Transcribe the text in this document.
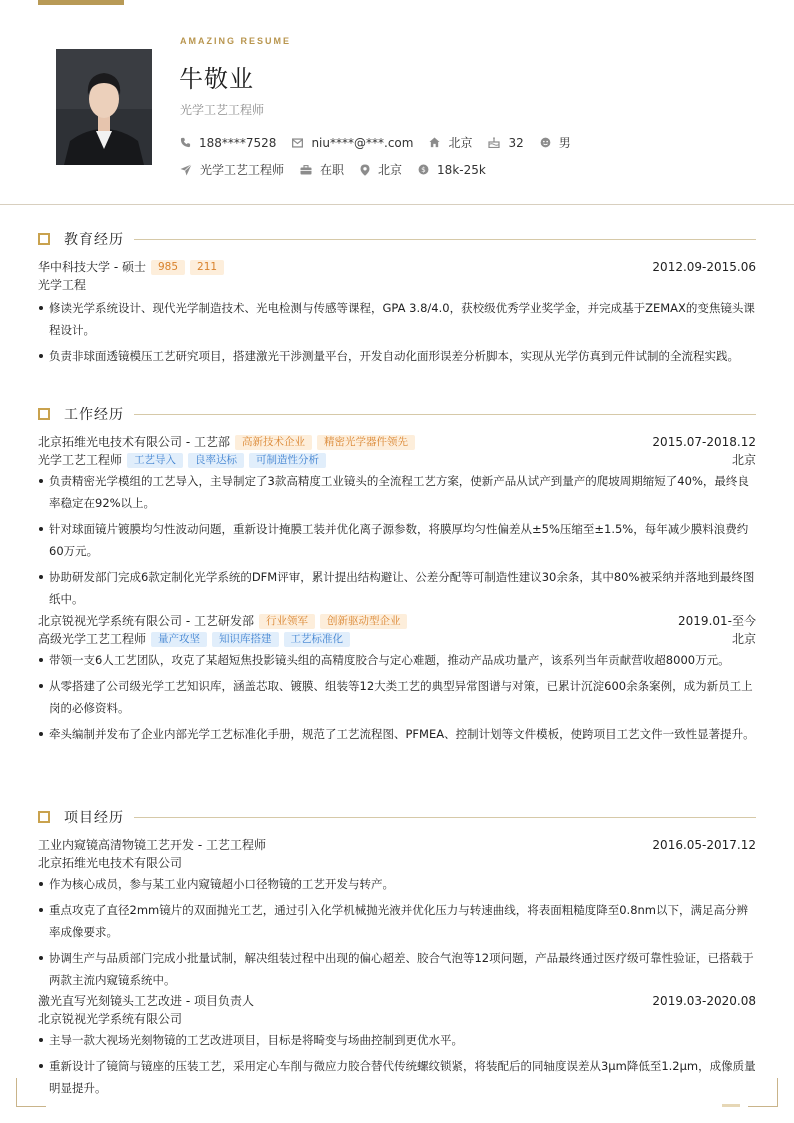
AMAZING RESUME
牛敬业
光学工艺工程师
188****7528	niu****@***.com	北京	32	男
光学工艺工程师	在职	北京 $ 18k-25k
教育经历
华中科技大学 - 硕士	985	211	2012.09-2015.06
光学工程
修读光学系统设计、现代光学制造技术、光电检测与传感等课程，GPA 3.8/4.0，获校级优秀学业奖学金，并完成基于ZEMAX的变焦镜头课程设计。
负责非球面透镜模压工艺研究项目，搭建激光干涉测量平台，开发自动化面形误差分析脚本，实现从光学仿真到元件试制的全流程实践。
工作经历
北京拓维光电技术有限公司 - 工艺部	高新技术企业	精密光学器件领先	2015.07-2018.12
光学工艺工程师	工艺导入	良率达标	可制造性分析	北京
负责精密光学模组的工艺导入，主导制定了3款高精度工业镜头的全流程工艺方案，使新产品从试产到量产的爬坡周期缩短了40%，最终良率稳定在92%以上。
针对球面镜片镀膜均匀性波动问题，重新设计掩膜工装并优化离子源参数，将膜厚均匀性偏差从±5%压缩至±1.5%，每年减少膜料浪费约60万元。
协助研发部门完成6款定制化光学系统的DFM评审，累计提出结构避让、公差分配等可制造性建议30余条，其中80%被采纳并落地到最终图纸中。
北京锐视光学系统有限公司 - 工艺研发部	行业领军	创新驱动型企业	2019.01-至今
高级光学工艺工程师	量产攻坚	知识库搭建	工艺标准化	北京
带领一支6人工艺团队，攻克了某超短焦投影镜头组的高精度胶合与定心难题，推动产品成功量产，该系列当年贡献营收超8000万元。
从零搭建了公司级光学工艺知识库，涵盖芯取、镀膜、组装等12大类工艺的典型异常图谱与对策，已累计沉淀600余条案例，成为新员工上岗的必修资料。
牵头编制并发布了企业内部光学工艺标准化手册，规范了工艺流程图、PFMEA、控制计划等文件模板，使跨项目工艺文件一致性显著提升。
项目经历
工业内窥镜高清物镜工艺开发 - 工艺工程师	2016.05-2017.12
北京拓维光电技术有限公司
作为核心成员，参与某工业内窥镜超小口径物镜的工艺开发与转产。
重点攻克了直径2mm镜片的双面抛光工艺，通过引入化学机械抛光液并优化压力与转速曲线，将表面粗糙度降至0.8nm以下，满足高分辨率成像要求。
协调生产与品质部门完成小批量试制，解决组装过程中出现的偏心超差、胶合气泡等12项问题，产品最终通过医疗级可靠性验证，已搭载于两款主流内窥镜系统中。
激光直写光刻镜头工艺改进 - 项目负责人	2019.03-2020.08
北京锐视光学系统有限公司
主导一款大视场光刻物镜的工艺改进项目，目标是将畸变与场曲控制到更优水平。
重新设计了镜筒与镜座的压装工艺，采用定心车削与微应力胶合替代传统螺纹锁紧，将装配后的同轴度误差从3μm降低至1.2μm，成像质量明显提升。
